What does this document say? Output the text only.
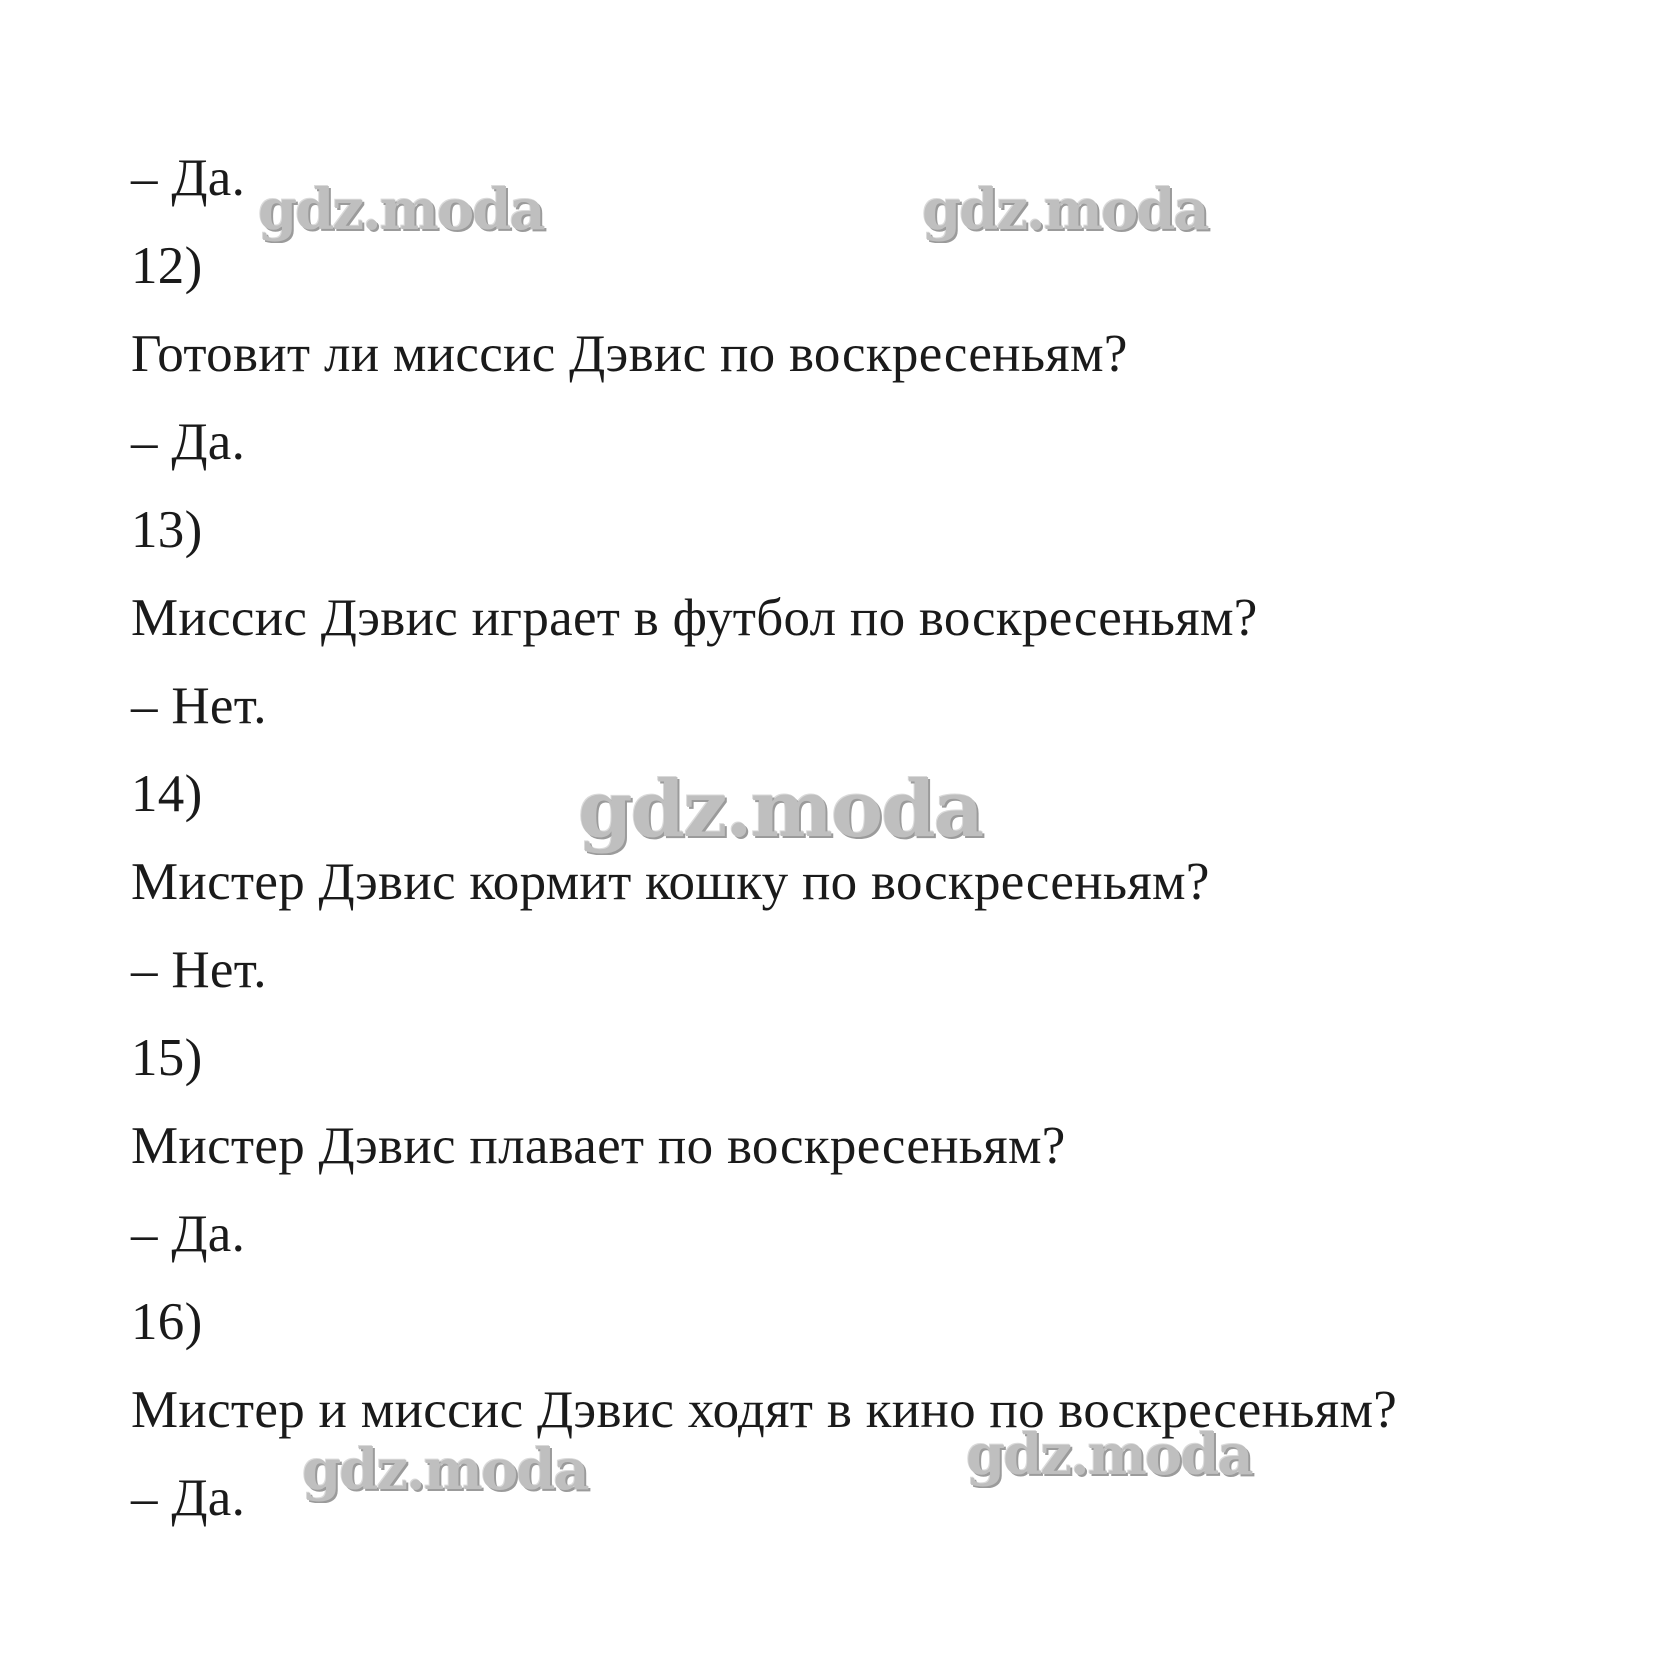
– Да.
12)
Готовит ли миссис Дэвис по воскресеньям?
– Да.
13)
Миссис Дэвис играет в футбол по воскресеньям?
– Нет.
14)
Мистер Дэвис кормит кошку по воскресеньям?
– Нет.
15)
Мистер Дэвис плавает по воскресеньям?
– Да.
16)
Мистер и миссис Дэвис ходят в кино по воскресеньям?
– Да.
gdz.moda	gdz.moda
gdz.moda
gdz.moda	gdz.moda
